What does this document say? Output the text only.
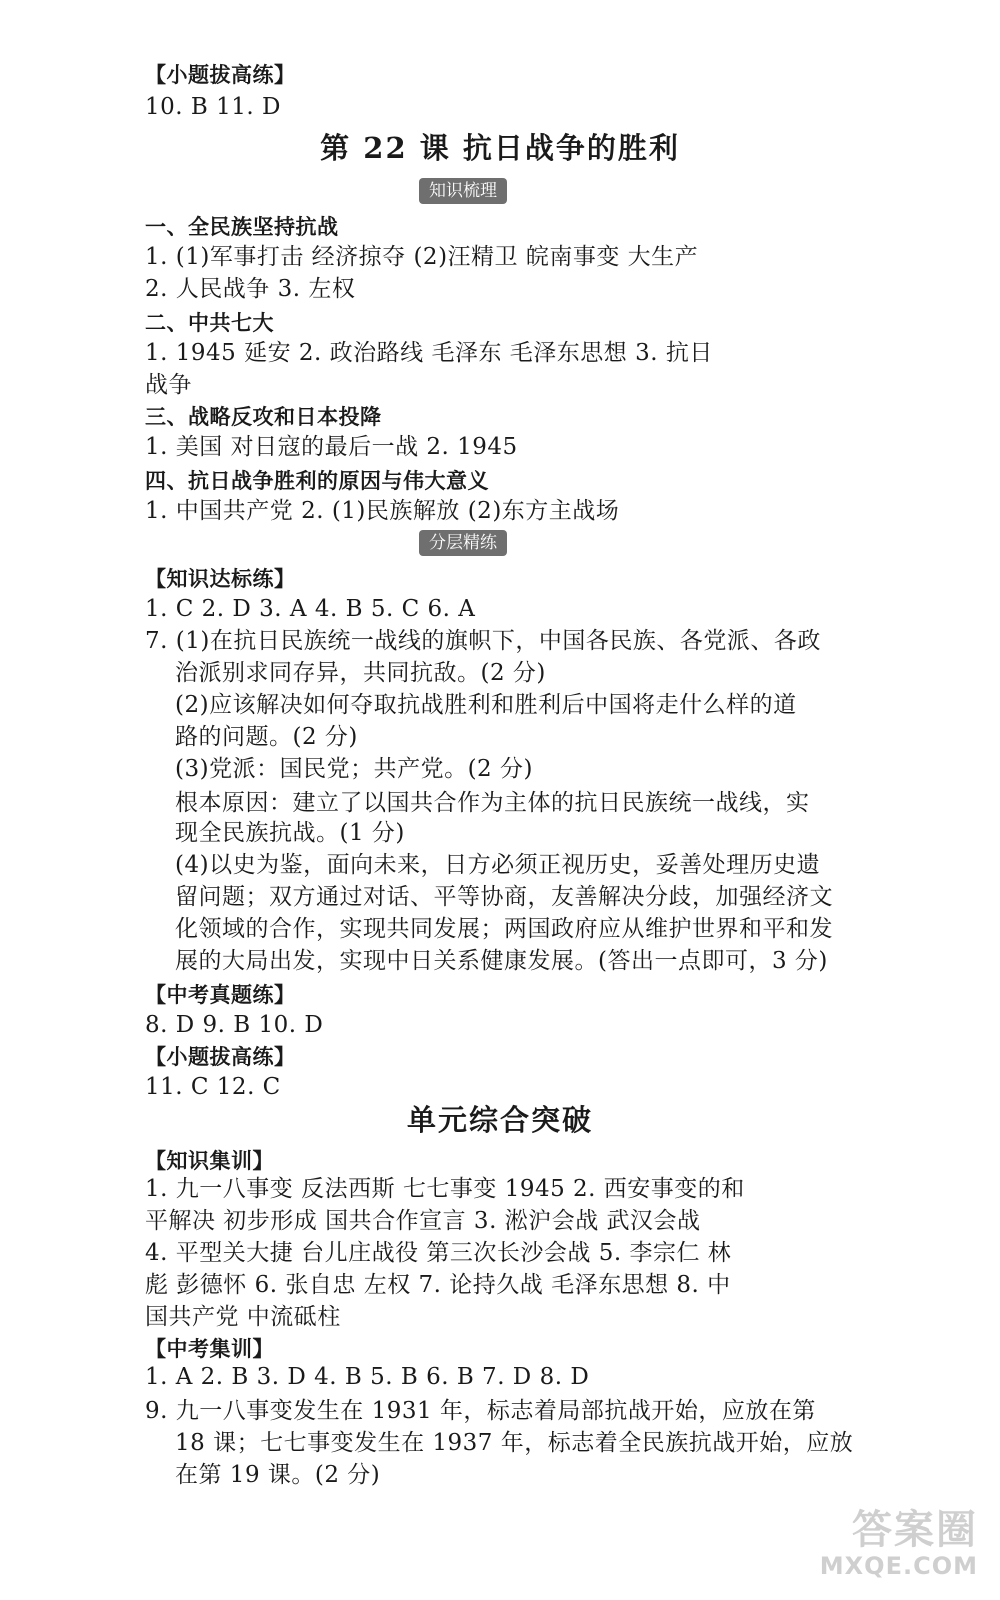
【小题拔高练】
10. B 11. D
第 22 课 抗日战争的胜利
知识梳理
一、全民族坚持抗战
1. (1)军事打击 经济掠夺 (2)汪精卫 皖南事变 大生产
2. 人民战争 3. 左权
二、中共七大
1. 1945 延安 2. 政治路线 毛泽东 毛泽东思想 3. 抗日
战争
三、战略反攻和日本投降
1. 美国 对日寇的最后一战 2. 1945
四、抗日战争胜利的原因与伟大意义
1. 中国共产党 2. (1)民族解放 (2)东方主战场
分层精练
【知识达标练】
1. C 2. D 3. A 4. B 5. C 6. A
7. (1)在抗日民族统一战线的旗帜下，中国各民族、各党派、各政
治派别求同存异，共同抗敌。(2 分)
(2)应该解决如何夺取抗战胜利和胜利后中国将走什么样的道
路的问题。(2 分)
(3)党派：国民党；共产党。(2 分)
根本原因：建立了以国共合作为主体的抗日民族统一战线，实
现全民族抗战。(1 分)
(4)以史为鉴，面向未来，日方必须正视历史，妥善处理历史遗
留问题；双方通过对话、平等协商，友善解决分歧，加强经济文
化领域的合作，实现共同发展；两国政府应从维护世界和平和发
展的大局出发，实现中日关系健康发展。(答出一点即可，3 分)
【中考真题练】
8. D 9. B 10. D
【小题拔高练】
11. C 12. C
单元综合突破
【知识集训】
1. 九一八事变 反法西斯 七七事变 1945 2. 西安事变的和
平解决 初步形成 国共合作宣言 3. 淞沪会战 武汉会战
4. 平型关大捷 台儿庄战役 第三次长沙会战 5. 李宗仁 林
彪 彭德怀 6. 张自忠 左权 7. 论持久战 毛泽东思想 8. 中
国共产党 中流砥柱
【中考集训】
1. A 2. B 3. D 4. B 5. B 6. B 7. D 8. D
9. 九一八事变发生在 1931 年，标志着局部抗战开始，应放在第
18 课；七七事变发生在 1937 年，标志着全民族抗战开始，应放
在第 19 课。(2 分)
答案圈
MXQE.COM
